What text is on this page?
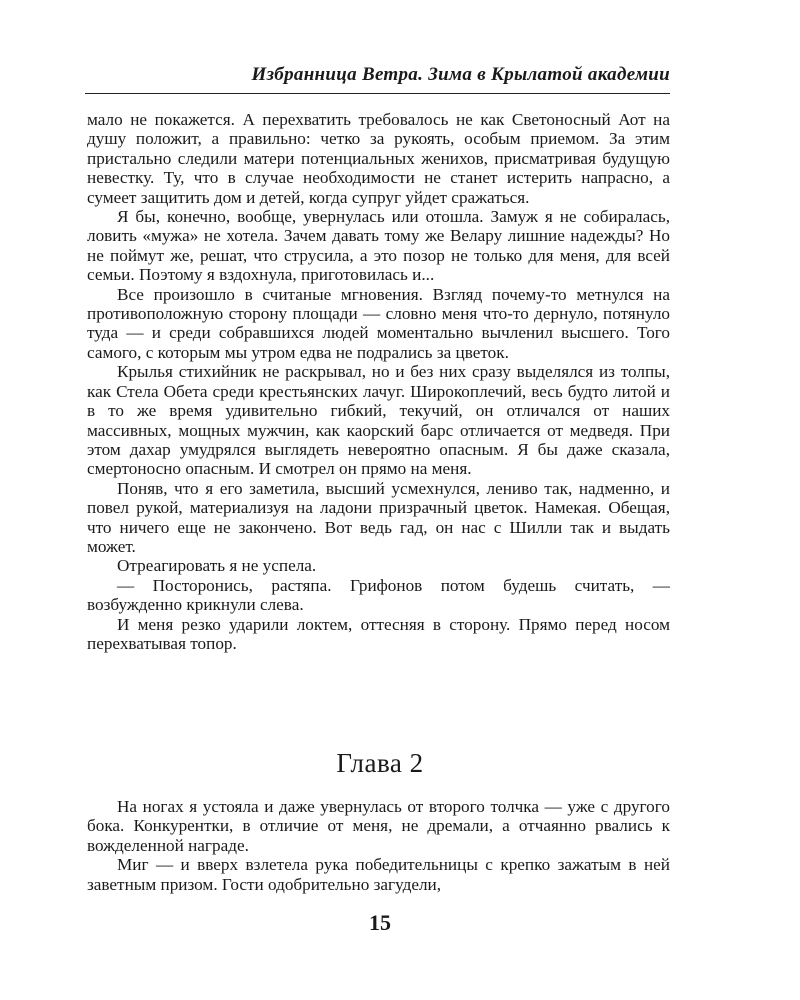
Избранница Ветра. Зима в Крылатой академии

мало не покажется. А перехватить требовалось не как Светоносный Аот на душу положит, а правильно: четко за рукоять, особым приемом. За этим пристально следили матери потенциальных женихов, присматривая будущую невестку. Ту, что в случае необходимости не станет истерить напрасно, а сумеет защитить дом и детей, когда супруг уйдет сражаться.

Я бы, конечно, вообще, увернулась или отошла. Замуж я не собиралась, ловить «мужа» не хотела. Зачем давать тому же Велару лишние надежды? Но не поймут же, решат, что струсила, а это позор не только для меня, для всей семьи. Поэтому я вздохнула, приготовилась и...

Все произошло в считаные мгновения. Взгляд почему-то метнулся на противоположную сторону площади — словно меня что-то дернуло, потянуло туда — и среди собравшихся людей моментально вычленил высшего. Того самого, с которым мы утром едва не подрались за цветок.

Крылья стихийник не раскрывал, но и без них сразу выделялся из толпы, как Стела Обета среди крестьянских лачуг. Широкоплечий, весь будто литой и в то же время удивительно гибкий, текучий, он отличался от наших массивных, мощных мужчин, как каорский барс отличается от медведя. При этом дахар умудрялся выглядеть невероятно опасным. Я бы даже сказала, смертоносно опасным. И смотрел он прямо на меня.

Поняв, что я его заметила, высший усмехнулся, лениво так, надменно, и повел рукой, материализуя на ладони призрачный цветок. Намекая. Обещая, что ничего еще не закончено. Вот ведь гад, он нас с Шилли так и выдать может.

Отреагировать я не успела.

— Посторонись, растяпа. Грифонов потом будешь считать, — возбужденно крикнули слева.

И меня резко ударили локтем, оттесняя в сторону. Прямо перед носом перехватывая топор.

Глава 2

На ногах я устояла и даже увернулась от второго толчка — уже с другого бока. Конкурентки, в отличие от меня, не дремали, а отчаянно рвались к вожделенной награде.

Миг — и вверх взлетела рука победительницы с крепко зажатым в ней заветным призом. Гости одобрительно загудели,

15
